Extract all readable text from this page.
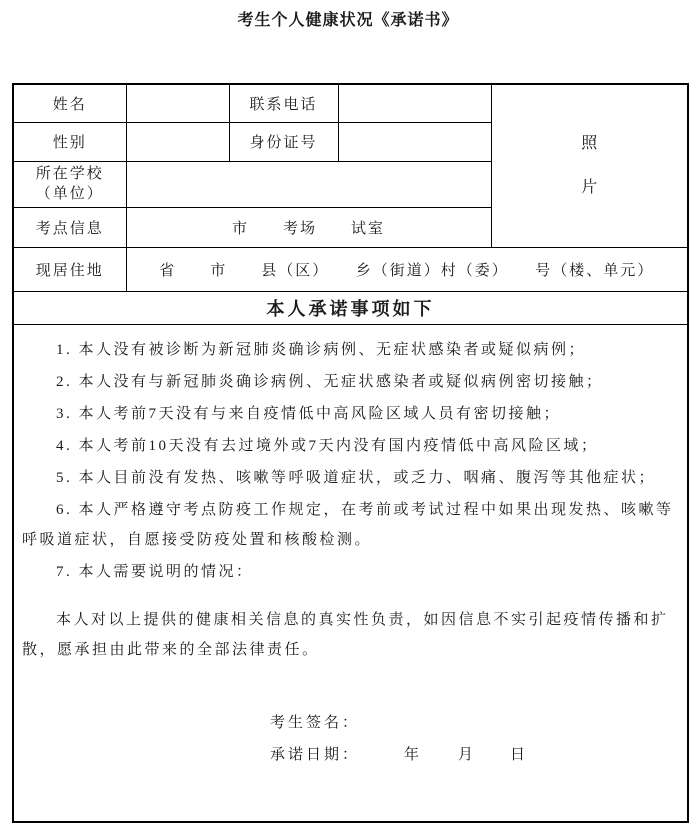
考生个人健康状况《承诺书》
姓名		联系电话		照
片

性别		身份证号		

所在学校
（单位）				

考点信息	市　　考场　　试室			
现居住地	省　　市　　县（区）　　乡（街道）村（委）　　号（楼、单元）			
本人承诺事项如下				

1. 本人没有被诊断为新冠肺炎确诊病例、无症状感染者或疑似病例；

2. 本人没有与新冠肺炎确诊病例、无症状感染者或疑似病例密切接触；

3. 本人考前7天没有与来自疫情低中高风险区域人员有密切接触；

4. 本人考前10天没有去过境外或7天内没有国内疫情低中高风险区域；

5. 本人目前没有发热、咳嗽等呼吸道症状，或乏力、咽痛、腹泻等其他症状；

6. 本人严格遵守考点防疫工作规定，在考前或考试过程中如果出现发热、咳嗽等呼吸道症状，自愿接受防疫处置和核酸检测。

7. 本人需要说明的情况：

本人对以上提供的健康相关信息的真实性负责，如因信息不实引起疫情传播和扩散，愿承担由此带来的全部法律责任。

考生签名：
承诺日期：	年 月 日
